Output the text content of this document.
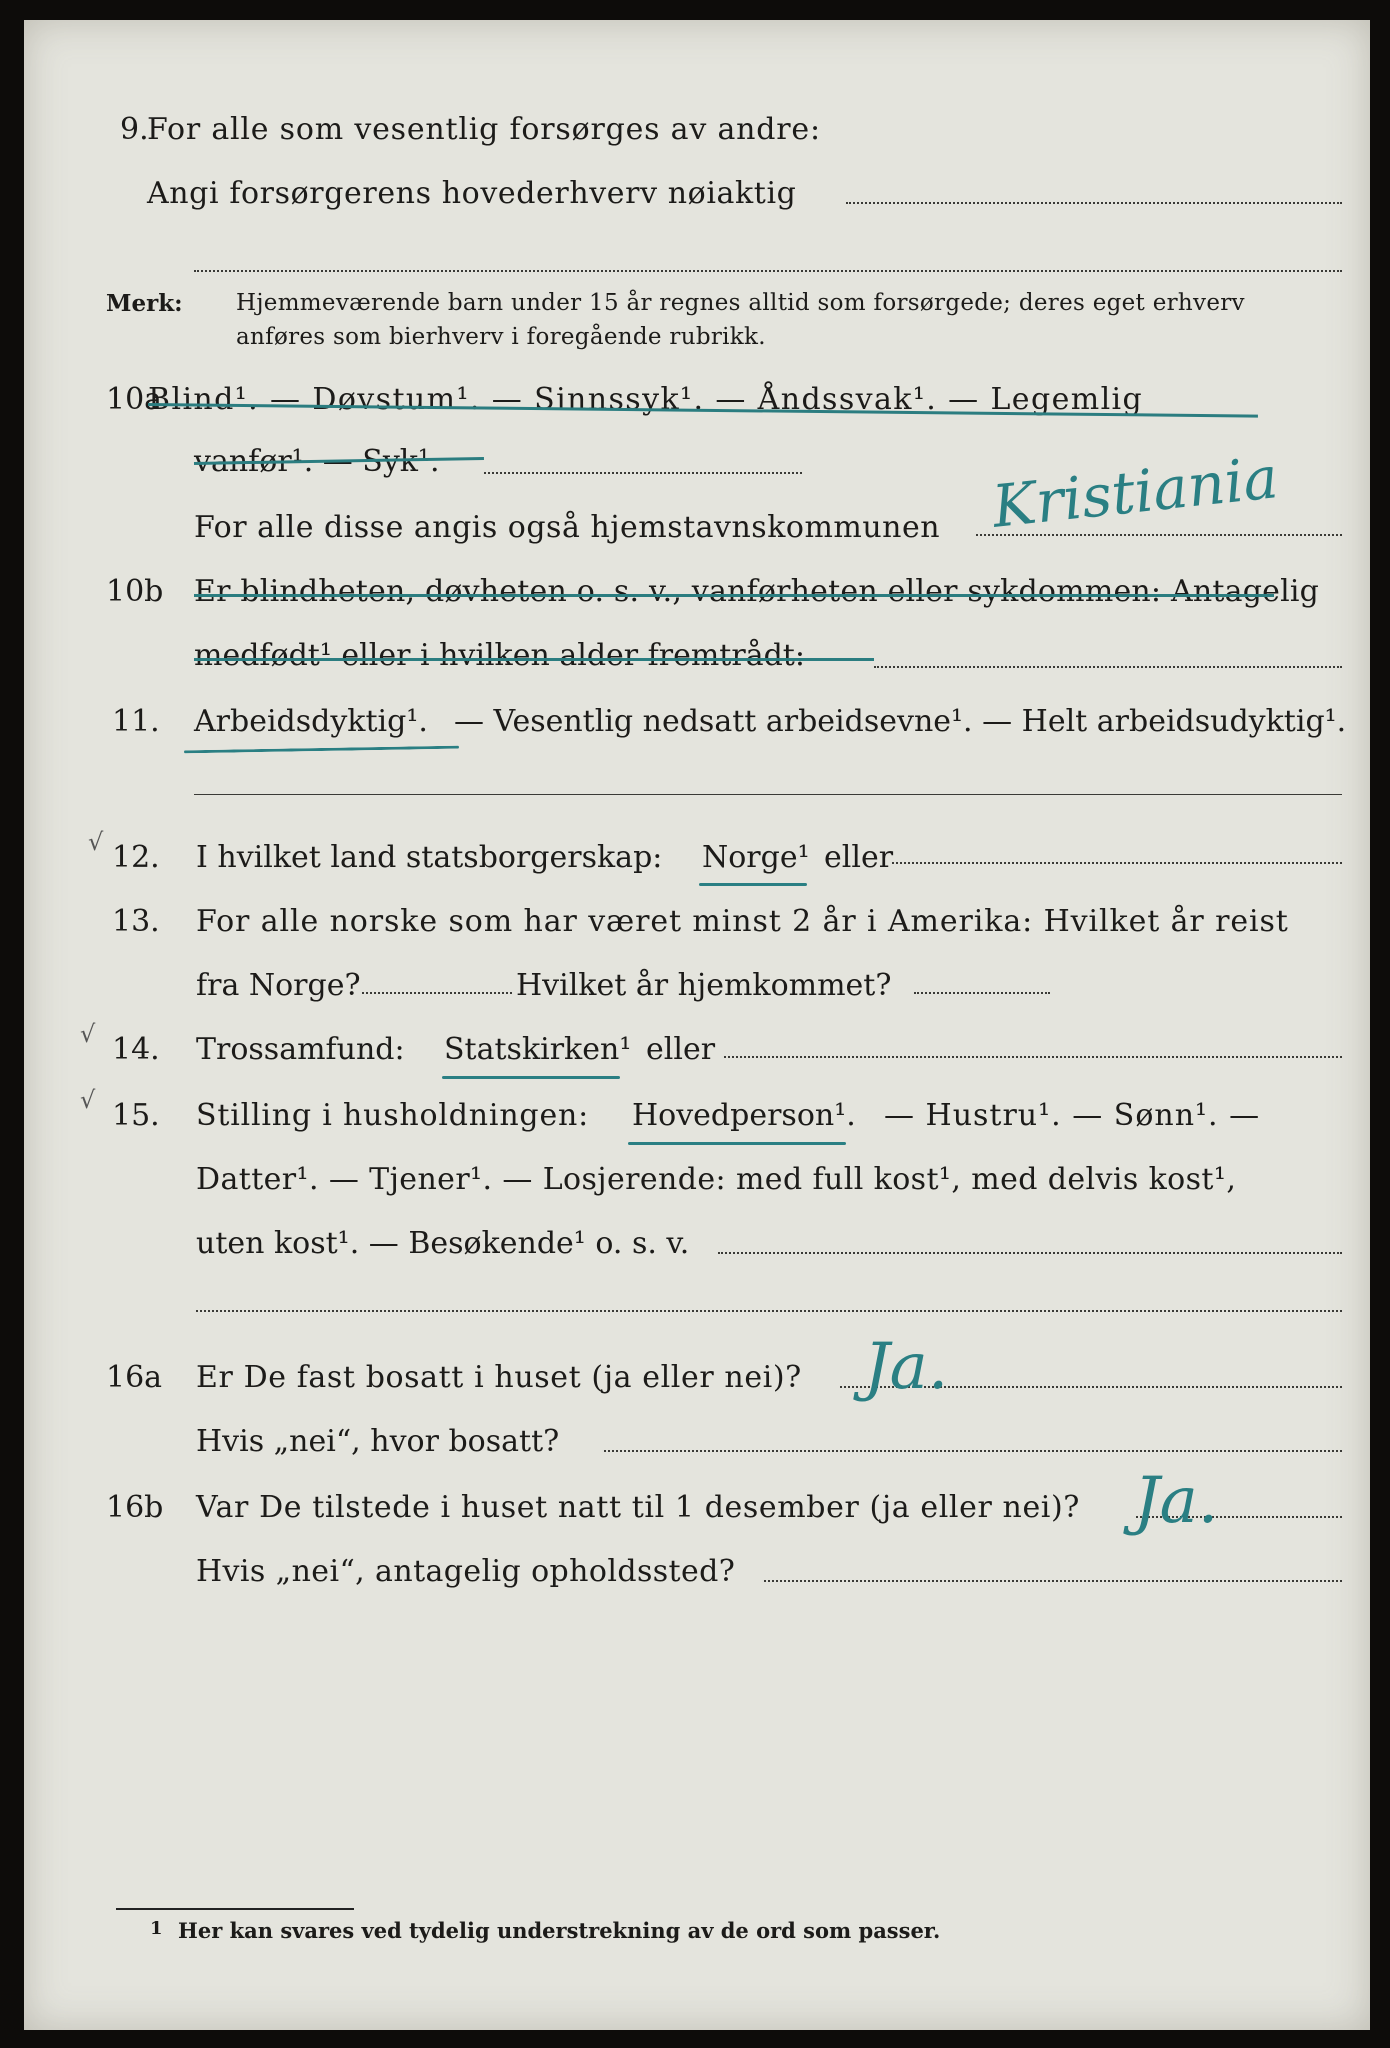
9.
For alle som vesentlig forsørges av andre:
Angi forsørgerens hovederhverv nøiaktig
Merk: Hjemmeværende barn under 15 år regnes alltid som forsørgede; deres eget erhverv
anføres som bierhverv i foregående rubrikk.
10a
Blind¹. — Døvstum¹. — Sinnssyk¹. — Åndssvak¹. — Legemlig
vanfør¹. — Syk¹.
For alle disse angis også hjemstavnskommunen Kristiania
10b Er blindheten, døvheten o. s. v., vanførheten eller sykdommen: Antagelig
medfødt¹ eller i hvilken alder fremtrådt:
11. Arbeidsdyktig¹. — Vesentlig nedsatt arbeidsevne¹. — Helt arbeidsudyktig¹.
√ 12. I hvilket land statsborgerskap: Norge¹ eller
13. For alle norske som har været minst 2 år i Amerika: Hvilket år reist
fra Norge?	Hvilket år hjemkommet?
√ 14. Trossamfund: Statskirken¹ eller
√ 15. Stilling i husholdningen: Hovedperson¹. — Hustru¹. — Sønn¹. —
Datter¹. — Tjener¹. — Losjerende: med full kost¹, med delvis kost¹,
uten kost¹. — Besøkende¹ o. s. v.
16a Er De fast bosatt i huset (ja eller nei)? Ja.
Hvis „nei“, hvor bosatt?
16b Var De tilstede i huset natt til 1 desember (ja eller nei)? Ja.
Hvis „nei“, antagelig opholdssted?
1 Her kan svares ved tydelig understrekning av de ord som passer.
